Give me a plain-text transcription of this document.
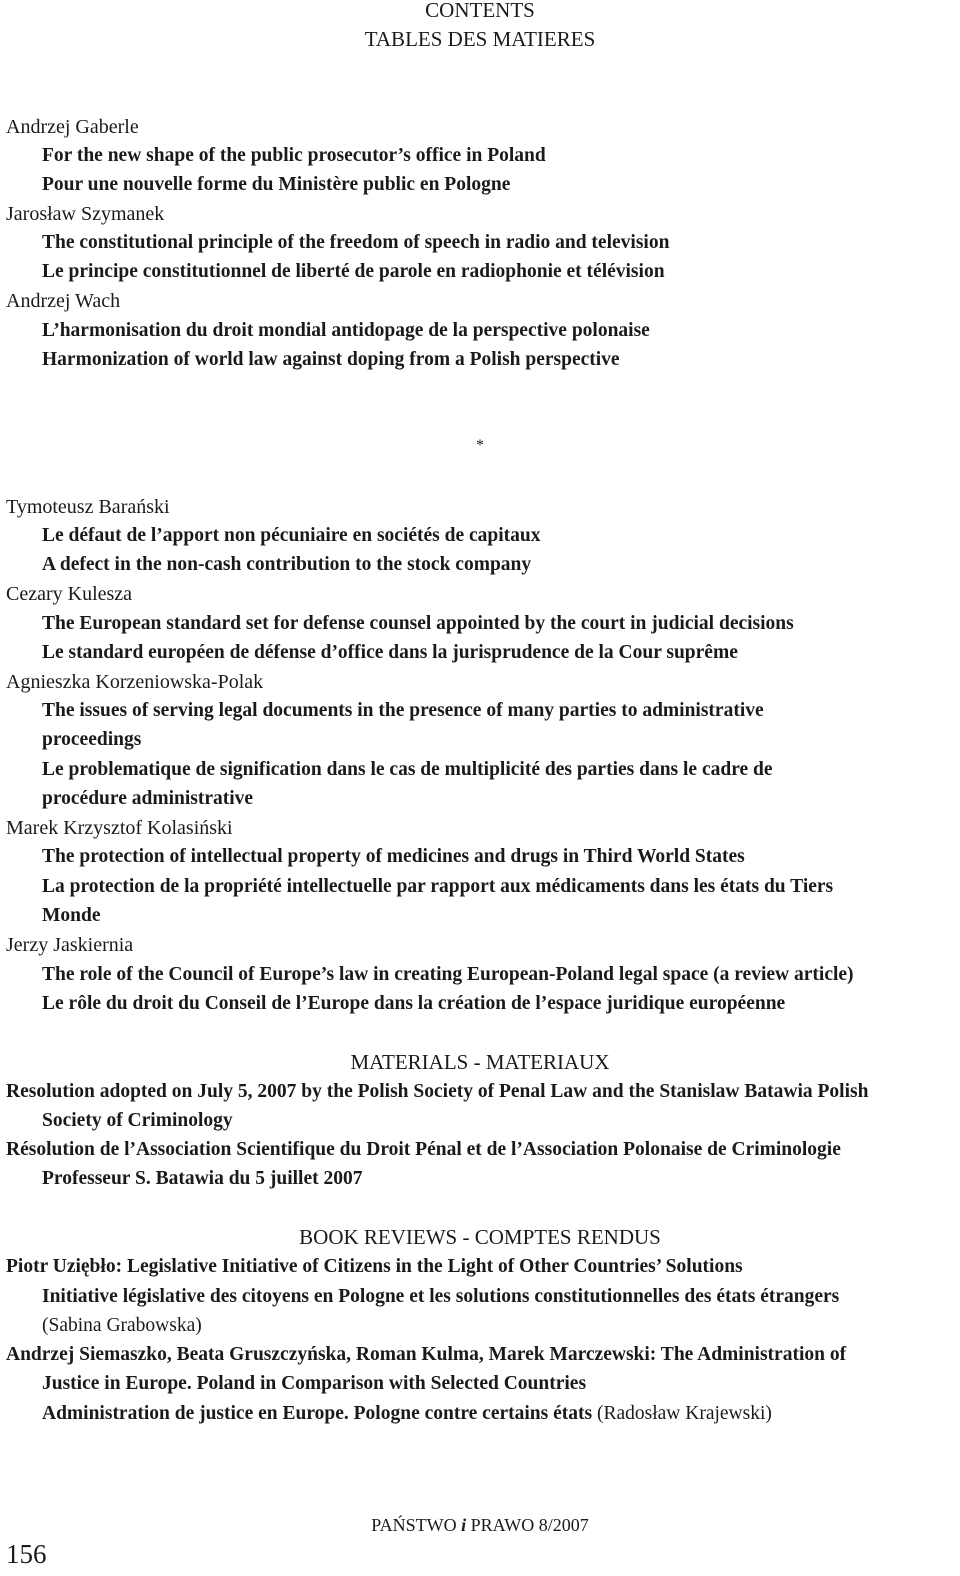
CONTENTS
TABLES DES MATIERES
Andrzej Gaberle
For the new shape of the public prosecutor’s office in Poland
Pour une nouvelle forme du Ministère public en Pologne
Jarosław Szymanek
The constitutional principle of the freedom of speech in radio and television
Le principe constitutionnel de liberté de parole en radiophonie et télévision
Andrzej Wach
L’harmonisation du droit mondial antidopage de la perspective polonaise
Harmonization of world law against doping from a Polish perspective
*
Tymoteusz Barański
Le défaut de l’apport non pécuniaire en sociétés de capitaux
A defect in the non-cash contribution to the stock company
Cezary Kulesza
The European standard set for defense counsel appointed by the court in judicial decisions
Le standard européen de défense d’office dans la jurisprudence de la Cour suprême
Agnieszka Korzeniowska-Polak
The issues of serving legal documents in the presence of many parties to administrative
proceedings
Le problematique de signification dans le cas de multiplicité des parties dans le cadre de
procédure administrative
Marek Krzysztof Kolasiński
The protection of intellectual property of medicines and drugs in Third World States
La protection de la propriété intellectuelle par rapport aux médicaments dans les états du Tiers
Monde
Jerzy Jaskiernia
The role of the Council of Europe’s law in creating European-Poland legal space (a review article)
Le rôle du droit du Conseil de l’Europe dans la création de l’espace juridique européenne
MATERIALS - MATERIAUX
Resolution adopted on July 5, 2007 by the Polish Society of Penal Law and the Stanislaw Batawia Polish
Society of Criminology
Résolution de l’Association Scientifique du Droit Pénal et de l’Association Polonaise de Criminologie
Professeur S. Batawia du 5 juillet 2007
BOOK REVIEWS - COMPTES RENDUS
Piotr Uziębło: Legislative Initiative of Citizens in the Light of Other Countries’ Solutions
Initiative législative des citoyens en Pologne et les solutions constitutionnelles des états étrangers
(Sabina Grabowska)
Andrzej Siemaszko, Beata Gruszczyńska, Roman Kulma, Marek Marczewski: The Administration of
Justice in Europe. Poland in Comparison with Selected Countries
Administration de justice en Europe. Pologne contre certains états (Radosław Krajewski)
PAŃSTWO i PRAWO 8/2007
156
